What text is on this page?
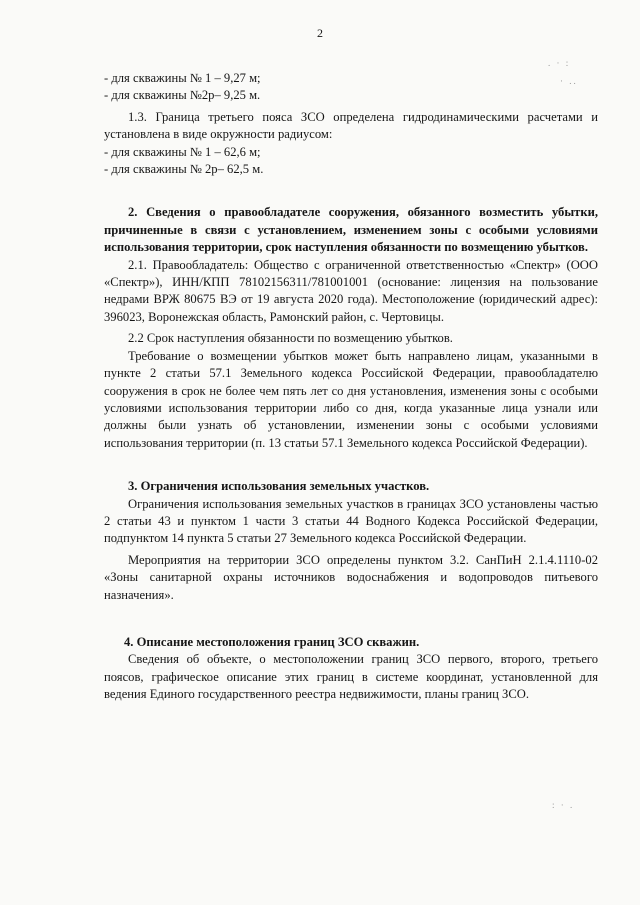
2
- для скважины № 1 – 9,27 м;
- для скважины №2р– 9,25 м.
1.3. Граница третьего пояса ЗСО определена гидродинамическими расчетами и установлена в виде окружности радиусом:
- для скважины № 1 – 62,6 м;
- для скважины № 2р– 62,5 м.
2. Сведения о правообладателе сооружения, обязанного возместить убытки, причиненные в связи с установлением, изменением зоны с особыми условиями использования территории, срок наступления обязанности по возмещению убытков.
2.1. Правообладатель: Общество с ограниченной ответственностью «Спектр» (ООО «Спектр»), ИНН/КПП 78102156311/781001001 (основание: лицензия на пользование недрами ВРЖ 80675 ВЭ от 19 августа 2020 года). Местоположение (юридический адрес): 396023, Воронежская область, Рамонский район, с. Чертовицы.
2.2 Срок наступления обязанности по возмещению убытков.
Требование о возмещении убытков может быть направлено лицам, указанными в пункте 2 статьи 57.1 Земельного кодекса Российской Федерации, правообладателю сооружения в срок не более чем пять лет со дня установления, изменения зоны с особыми условиями использования территории либо со дня, когда указанные лица узнали или должны были узнать об установлении, изменении зоны с особыми условиями использования территории (п. 13 статьи 57.1 Земельного кодекса Российской Федерации).
3. Ограничения использования земельных участков.
Ограничения использования земельных участков в границах ЗСО установлены частью 2 статьи 43 и пунктом 1 части 3 статьи 44 Водного Кодекса Российской Федерации, подпунктом 14 пункта 5 статьи 27 Земельного кодекса Российской Федерации.
Мероприятия на территории ЗСО определены пунктом 3.2. СанПиН 2.1.4.1110-02 «Зоны санитарной охраны источников водоснабжения и водопроводов питьевого назначения».
4. Описание местоположения границ ЗСО скважин.
Сведения об объекте, о местоположении границ ЗСО первого, второго, третьего поясов, графическое описание этих границ в системе координат, установленной для ведения Единого государственного реестра недвижимости, планы границ ЗСО.
. · :
· ..
: · .
